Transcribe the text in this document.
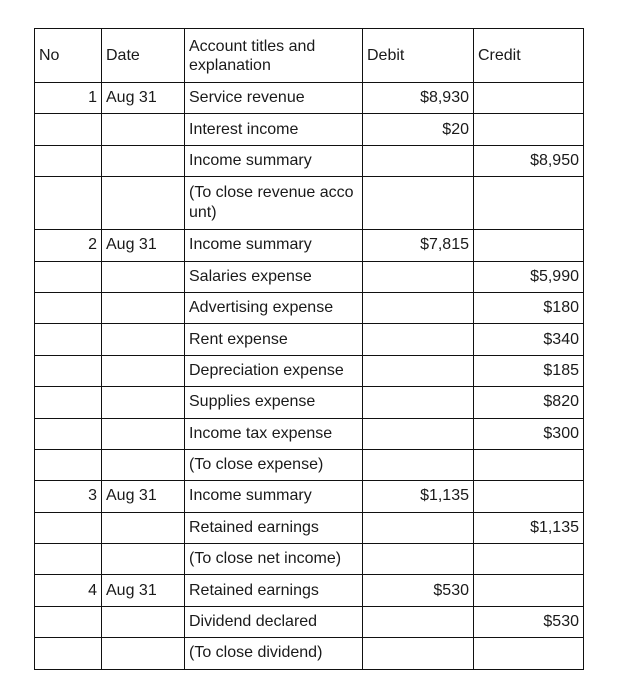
No	Date	Account titles and explanation	Debit	Credit
1	Aug 31	Service revenue	$8,930	
		Interest income	$20	
		Income summary		$8,950
		(To close revenue account)		
2	Aug 31	Income summary	$7,815	
		Salaries expense		$5,990
		Advertising expense		$180
		Rent expense		$340
		Depreciation expense		$185
		Supplies expense		$820
		Income tax expense		$300
		(To close expense)		
3	Aug 31	Income summary	$1,135	
		Retained earnings		$1,135
		(To close net income)		
4	Aug 31	Retained earnings	$530	
		Dividend declared		$530
		(To close dividend)		
